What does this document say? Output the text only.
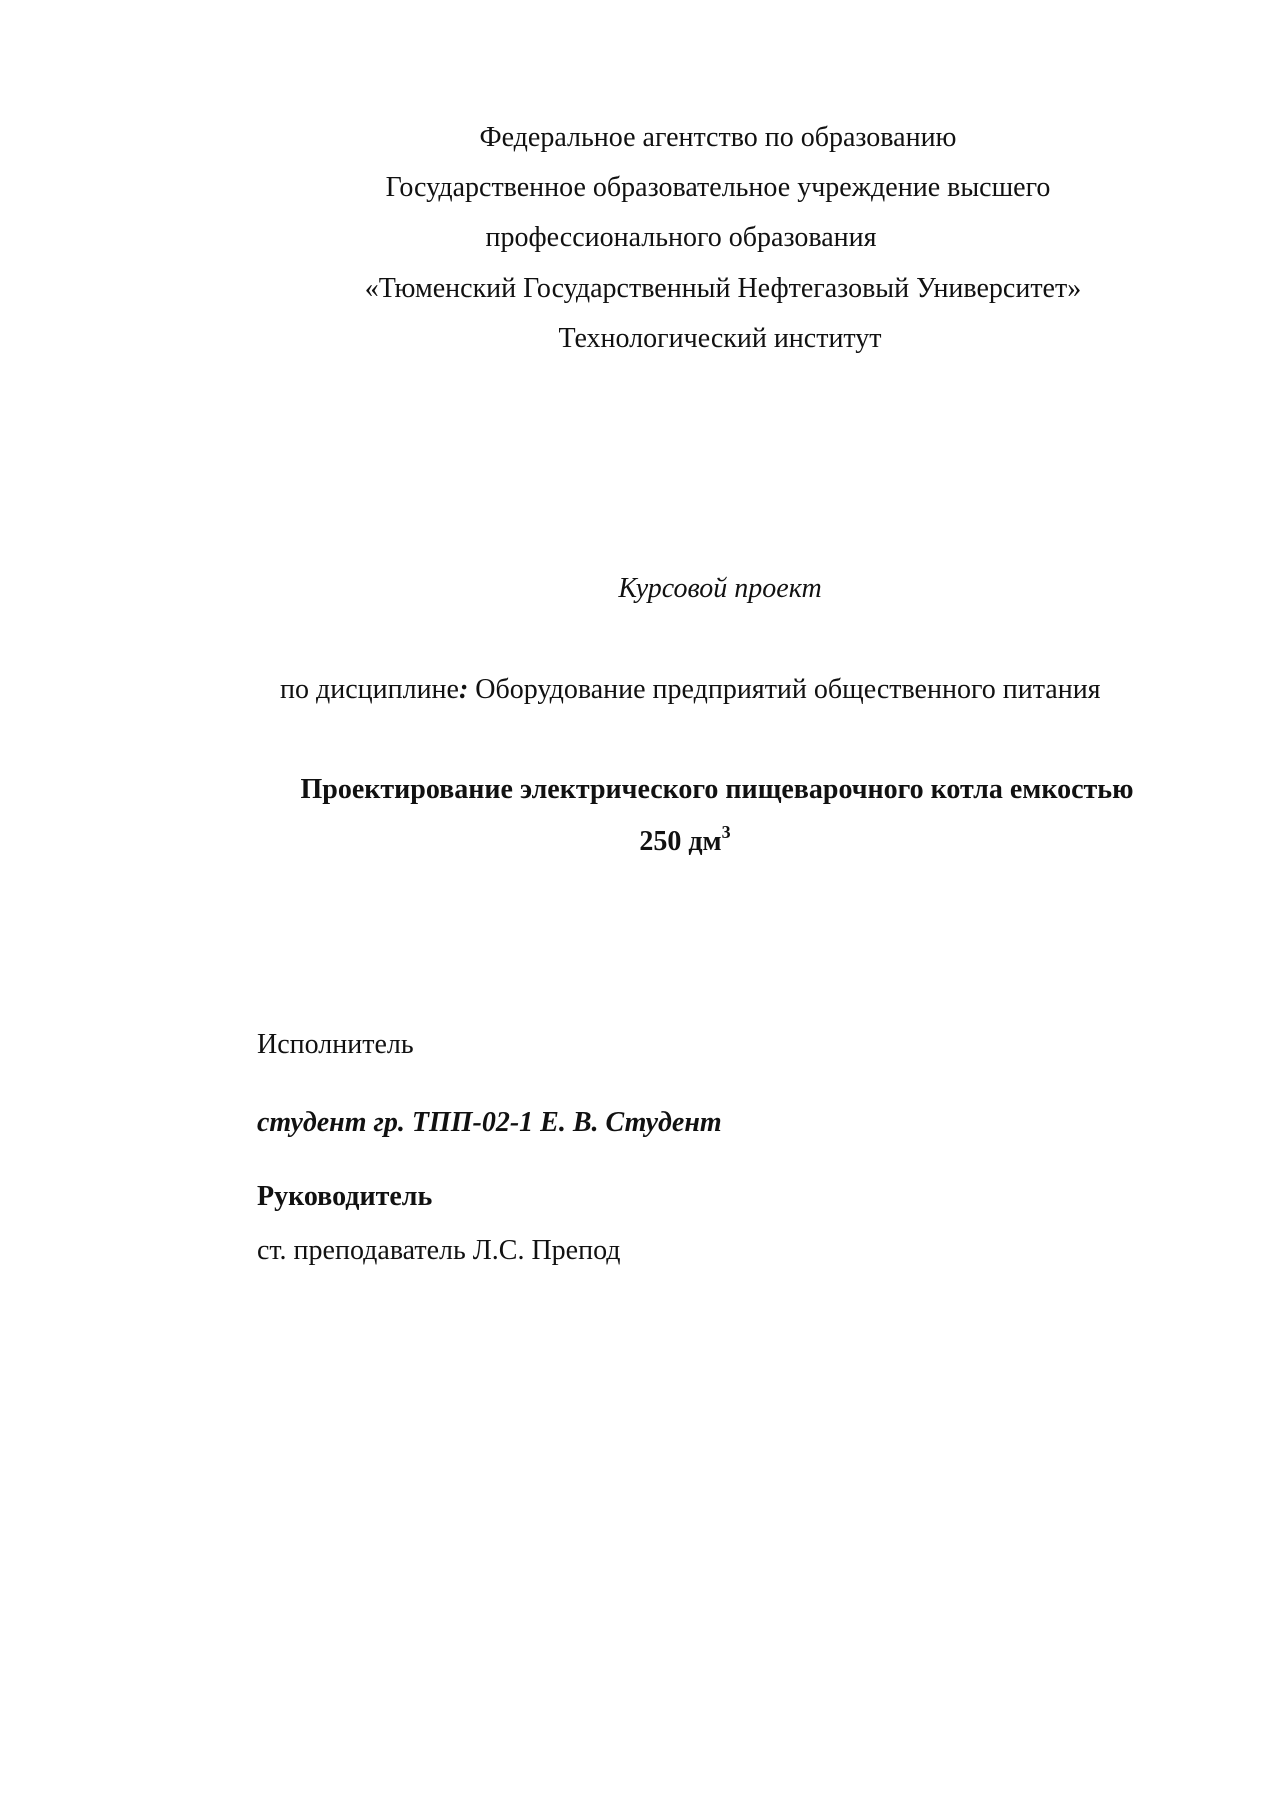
Федеральное агентство по образованию
Государственное образовательное учреждение высшего
профессионального образования
«Тюменский Государственный Нефтегазовый Университет»
Технологический институт
Курсовой проект
по дисциплине: Оборудование предприятий общественного питания
Проектирование электрического пищеварочного котла емкостью
250 $дм^3$
Исполнитель
студент гр. ТПП-02-1 Е. В. Студент
Руководитель
ст. преподаватель Л.С. Препод
